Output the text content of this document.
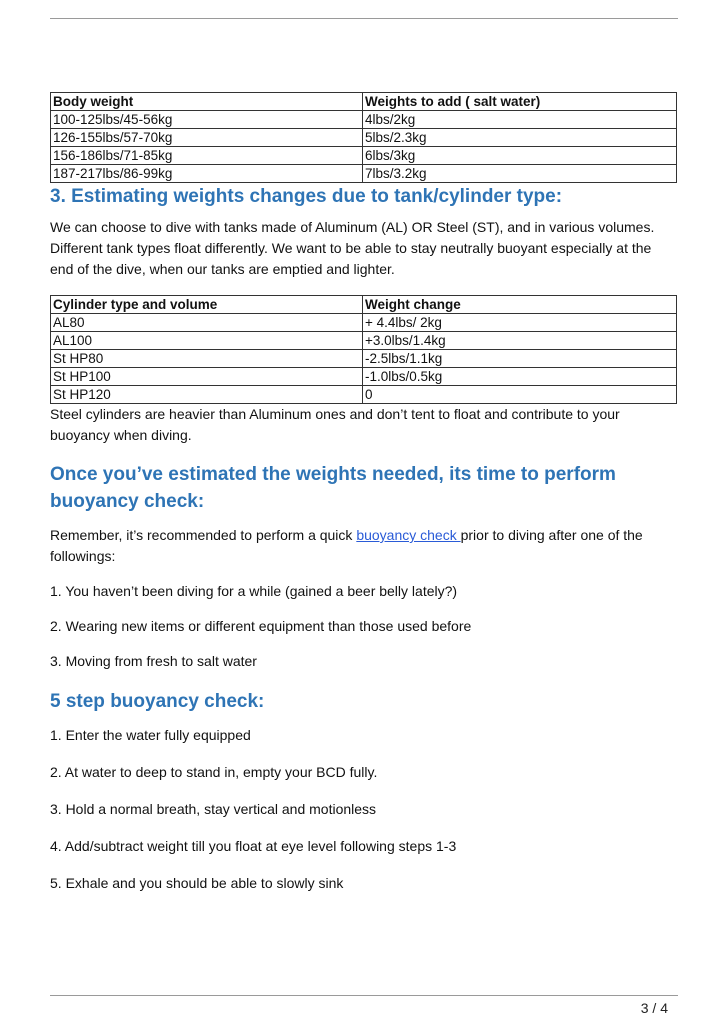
Body weight	Weights to add ( salt water)
100-125lbs/45-56kg	4lbs/2kg
126-155lbs/57-70kg	5lbs/2.3kg
156-186lbs/71-85kg	6lbs/3kg
187-217lbs/86-99kg	7lbs/3.2kg
3. Estimating weights changes due to tank/cylinder type:

We can choose to dive with tanks made of Aluminum (AL) OR Steel (ST), and in various volumes. Different tank types float differently. We want to be able to stay neutrally buoyant especially at the end of the dive, when our tanks are emptied and lighter.

Cylinder type and volume	Weight change
AL80	+ 4.4lbs/ 2kg
AL100	+3.0lbs/1.4kg
St HP80	-2.5lbs/1.1kg
St HP100	-1.0lbs/0.5kg
St HP120	0

Steel cylinders are heavier than Aluminum ones and don’t tent to float and contribute to your buoyancy when diving.

Once you’ve estimated the weights needed, its time to perform buoyancy check:

Remember, it’s recommended to perform a quick buoyancy check prior to diving after one of the followings:

1. You haven’t been diving for a while (gained a beer belly lately?)

2. Wearing new items or different equipment than those used before

3. Moving from fresh to salt water

5 step buoyancy check:

1. Enter the water fully equipped

2. At water to deep to stand in, empty your BCD fully.

3. Hold a normal breath, stay vertical and motionless

4. Add/subtract weight till you float at eye level following steps 1-3

5. Exhale and you should be able to slowly sink

3 / 4
